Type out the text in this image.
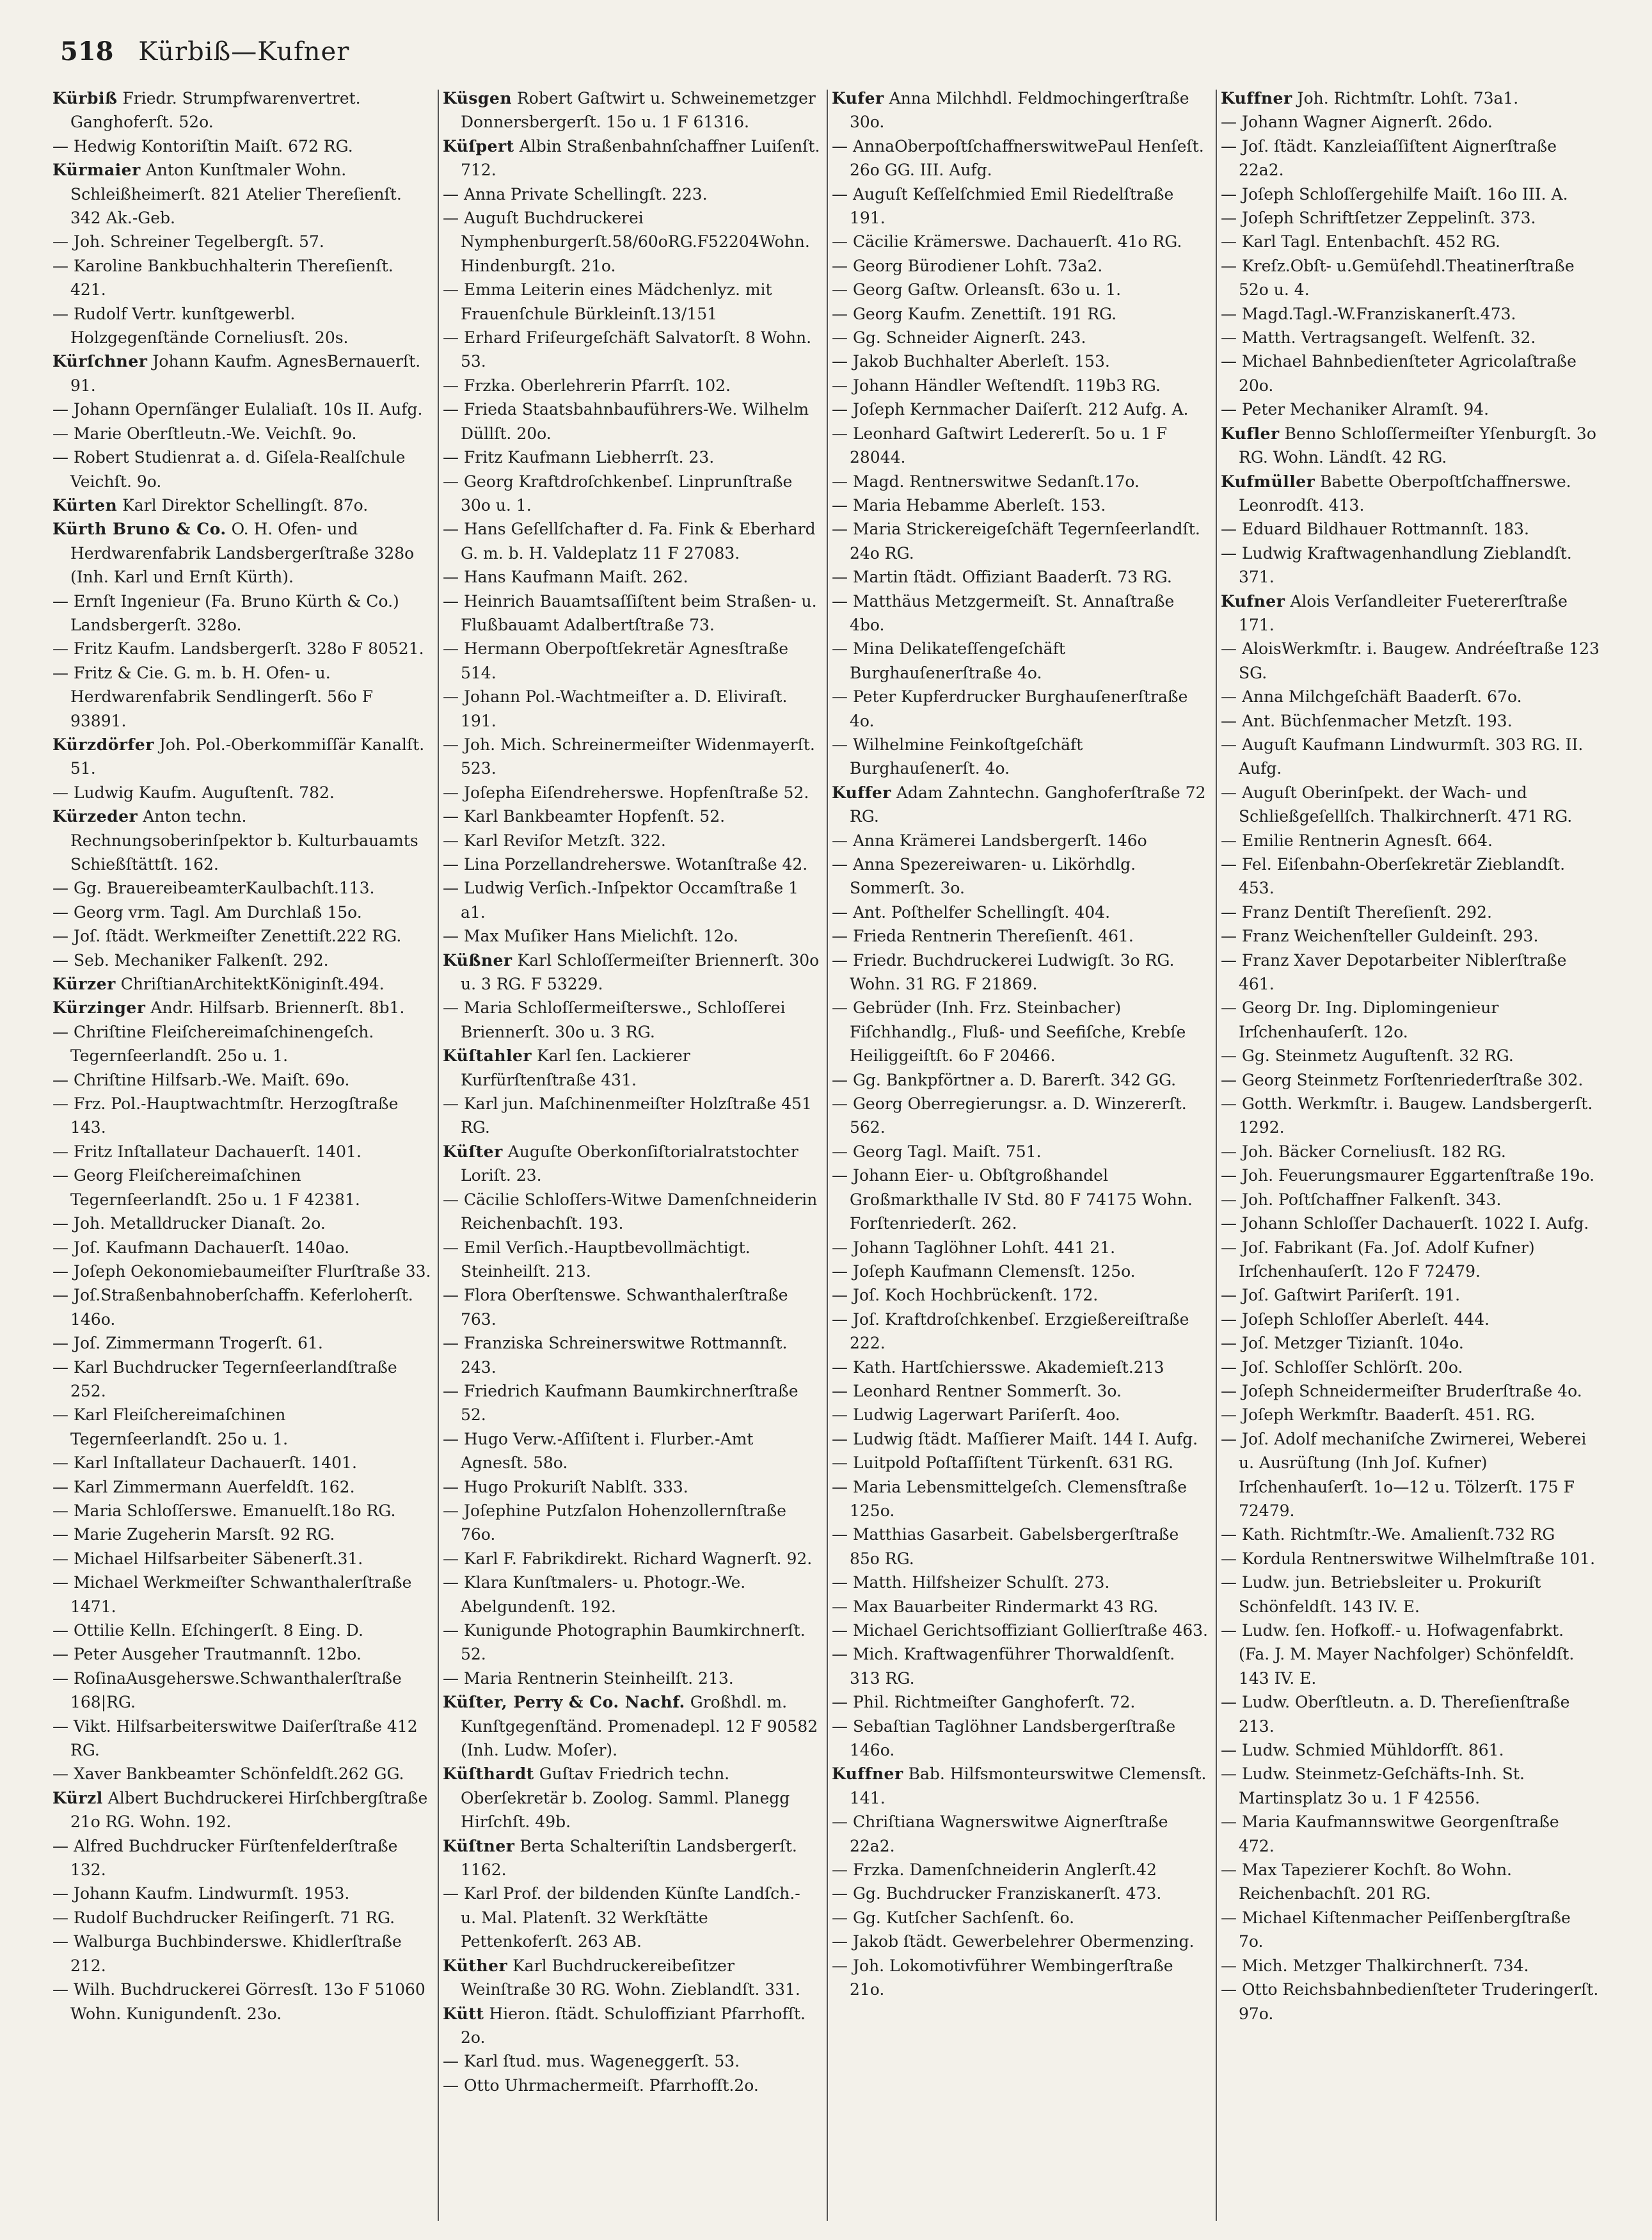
518 Kürbiß—Kufner

Kürbiß Friedr. Strumpfwarenvertret. Ganghoferſt. 52o.

— Hedwig Kontoriſtin Maiſt. 672 RG.

Kürmaier Anton Kunſtmaler Wohn. Schleißheimerſt. 821 Atelier Thereſienſt. 342 Ak.-Geb.

— Joh. Schreiner Tegelbergſt. 57.

— Karoline Bankbuchhalterin Thereſienſt. 421.

— Rudolf Vertr. kunſtgewerbl. Holzgegenſtände Corneliusſt. 20s.

Kürſchner Johann Kaufm. AgnesBernauerſt. 91.

— Johann Opernſänger Eulaliaſt. 10s II. Aufg.

— Marie Oberſtleutn.-We. Veichſt. 9o.

— Robert Studienrat a. d. Giſela-Realſchule Veichſt. 9o.

Kürten Karl Direktor Schellingſt. 87o.

Kürth Bruno & Co. O. H. Ofen- und Herdwarenfabrik Landsbergerſtraße 328o (Inh. Karl und Ernſt Kürth).

— Ernſt Ingenieur (Fa. Bruno Kürth & Co.) Landsbergerſt. 328o.

— Fritz Kaufm. Landsbergerſt. 328o F 80521.

— Fritz & Cie. G. m. b. H. Ofen- u. Herdwarenfabrik Sendlingerſt. 56o F 93891.

Kürzdörfer Joh. Pol.-Oberkommiſſär Kanalſt. 51.

— Ludwig Kaufm. Auguſtenſt. 782.

Kürzeder Anton techn. Rechnungsoberinſpektor b. Kulturbauamts Schießſtättſt. 162.

— Gg. BrauereibeamterKaulbachſt.113.

— Georg vrm. Tagl. Am Durchlaß 15o.

— Joſ. ſtädt. Werkmeiſter Zenettiſt.222 RG.

— Seb. Mechaniker Falkenſt. 292.

Kürzer ChriſtianArchitektKöniginſt.494.

Kürzinger Andr. Hilfsarb. Briennerſt. 8b1.

— Chriſtine Fleiſchereimaſchinengeſch. Tegernſeerlandſt. 25o u. 1.

— Chriſtine Hilfsarb.-We. Maiſt. 69o.

— Frz. Pol.-Hauptwachtmſtr. Herzogſtraße 143.

— Fritz Inſtallateur Dachauerſt. 1401.

— Georg Fleiſchereimaſchinen Tegernſeerlandſt. 25o u. 1 F 42381.

— Joh. Metalldrucker Dianaſt. 2o.

— Joſ. Kaufmann Dachauerſt. 140ao.

— Joſeph Oekonomiebaumeiſter Flurſtraße 33.

— Joſ.Straßenbahnoberſchaffn. Keferloherſt. 146o.

— Joſ. Zimmermann Trogerſt. 61.

— Karl Buchdrucker Tegernſeerlandſtraße 252.

— Karl Fleiſchereimaſchinen Tegernſeerlandſt. 25o u. 1.

— Karl Inſtallateur Dachauerſt. 1401.

— Karl Zimmermann Auerfeldſt. 162.

— Maria Schloſſerswe. Emanuelſt.18o RG.

— Marie Zugeherin Marsſt. 92 RG.

— Michael Hilfsarbeiter Säbenerſt.31.

— Michael Werkmeiſter Schwanthalerſtraße 1471.

— Ottilie Kelln. Eſchingerſt. 8 Eing. D.

— Peter Ausgeher Trautmannſt. 12bo.

— RoſinaAusgeherswe.Schwanthalerſtraße 168|RG.

— Vikt. Hilfsarbeiterswitwe Daiſerſtraße 412 RG.

— Xaver Bankbeamter Schönfeldſt.262 GG.

Kürzl Albert Buchdruckerei Hirſchbergſtraße 21o RG. Wohn. 192.

— Alfred Buchdrucker Fürſtenfelderſtraße 132.

— Johann Kaufm. Lindwurmſt. 1953.

— Rudolf Buchdrucker Reiſingerſt. 71 RG.

— Walburga Buchbinderswe. Khidlerſtraße 212.

— Wilh. Buchdruckerei Görresſt. 13o F 51060 Wohn. Kunigundenſt. 23o.

Küsgen Robert Gaſtwirt u. Schweinemetzger Donnersbergerſt. 15o u. 1 F 61316.

Küſpert Albin Straßenbahnſchaffner Luiſenſt. 712.

— Anna Private Schellingſt. 223.

— Auguſt Buchdruckerei Nymphenburgerſt.58/60oRG.F52204Wohn.Hindenburgſt. 21o.

— Emma Leiterin eines Mädchenlyz. mit Frauenſchule Bürkleinſt.13/151

— Erhard Friſeurgeſchäft Salvatorſt. 8 Wohn. 53.

— Frzka. Oberlehrerin Pfarrſt. 102.

— Frieda Staatsbahnbauführers-We. Wilhelm Düllſt. 20o.

— Fritz Kaufmann Liebherrſt. 23.

— Georg Kraftdroſchkenbeſ. Linprunſtraße 30o u. 1.

— Hans Geſellſchafter d. Fa. Fink & Eberhard G. m. b. H. Valdeplatz 11 F 27083.

— Hans Kaufmann Maiſt. 262.

— Heinrich Bauamtsaſſiſtent beim Straßen- u. Flußbauamt Adalbertſtraße 73.

— Hermann Oberpoſtſekretär Agnesſtraße 514.

— Johann Pol.-Wachtmeiſter a. D. Eliviraſt. 191.

— Joh. Mich. Schreinermeiſter Widenmayerſt. 523.

— Joſepha Eiſendreherswe. Hopfenſtraße 52.

— Karl Bankbeamter Hopfenſt. 52.

— Karl Reviſor Metzſt. 322.

— Lina Porzellandreherswe. Wotanſtraße 42.

— Ludwig Verſich.-Inſpektor Occamſtraße 1 a1.

— Max Muſiker Hans Mielichſt. 12o.

Küßner Karl Schloſſermeiſter Briennerſt. 30o u. 3 RG. F 53229.

— Maria Schloſſermeiſterswe., Schloſſerei Briennerſt. 30o u. 3 RG.

Küſtahler Karl ſen. Lackierer Kurfürſtenſtraße 431.

— Karl jun. Maſchinenmeiſter Holzſtraße 451 RG.

Küſter Auguſte Oberkonſiſtorialratstochter Loriſt. 23.

— Cäcilie Schloſſers-Witwe Damenſchneiderin Reichenbachſt. 193.

— Emil Verſich.-Hauptbevollmächtigt. Steinheilſt. 213.

— Flora Oberſtenswe. Schwanthalerſtraße 763.

— Franziska Schreinerswitwe Rottmannſt. 243.

— Friedrich Kaufmann Baumkirchnerſtraße 52.

— Hugo Verw.-Aſſiſtent i. Flurber.-Amt Agnesſt. 58o.

— Hugo Prokuriſt Nablſt. 333.

— Joſephine Putzſalon Hohenzollernſtraße 76o.

— Karl F. Fabrikdirekt. Richard Wagnerſt. 92.

— Klara Kunſtmalers- u. Photogr.-We. Abelgundenſt. 192.

— Kunigunde Photographin Baumkirchnerſt. 52.

— Maria Rentnerin Steinheilſt. 213.

Küſter, Perry & Co. Nachf. Großhdl. m. Kunſtgegenſtänd. Promenadepl. 12 F 90582 (Inh. Ludw. Moſer).

Küſthardt Guſtav Friedrich techn. Oberſekretär b. Zoolog. Samml. Planegg Hirſchſt. 49b.

Küſtner Berta Schalteriſtin Landsbergerſt. 1162.

— Karl Prof. der bildenden Künſte Landſch.- u. Mal. Platenſt. 32 Werkſtätte Pettenkoferſt. 263 AB.

Küther Karl Buchdruckereibeſitzer Weinſtraße 30 RG. Wohn. Zieblandſt. 331.

Kütt Hieron. ſtädt. Schuloffiziant Pfarrhofſt. 2o.

— Karl ſtud. mus. Wageneggerſt. 53.

— Otto Uhrmachermeiſt. Pfarrhofſt.2o.

Kufer Anna Milchhdl. Feldmochingerſtraße 30o.

— AnnaOberpoſtſchaffnerswitwePaul Henſeſt. 26o GG. III. Aufg.

— Auguſt Keſſelſchmied Emil Riedelſtraße 191.

— Cäcilie Krämerswe. Dachauerſt. 41o RG.

— Georg Bürodiener Lohſt. 73a2.

— Georg Gaſtw. Orleansſt. 63o u. 1.

— Georg Kaufm. Zenettiſt. 191 RG.

— Gg. Schneider Aignerſt. 243.

— Jakob Buchhalter Aberleſt. 153.

— Johann Händler Weſtendſt. 119b3 RG.

— Joſeph Kernmacher Daiſerſt. 212 Aufg. A.

— Leonhard Gaſtwirt Ledererſt. 5o u. 1 F 28044.

— Magd. Rentnerswitwe Sedanſt.17o.

— Maria Hebamme Aberleſt. 153.

— Maria Strickereigeſchäft Tegernſeerlandſt. 24o RG.

— Martin ſtädt. Offiziant Baaderſt. 73 RG.

— Matthäus Metzgermeiſt. St. Annaſtraße 4bo.

— Mina Delikateſſengeſchäft Burghauſenerſtraße 4o.

— Peter Kupferdrucker Burghauſenerſtraße 4o.

— Wilhelmine Feinkoſtgeſchäft Burghauſenerſt. 4o.

Kuffer Adam Zahntechn. Ganghoferſtraße 72 RG.

— Anna Krämerei Landsbergerſt. 146o

— Anna Spezereiwaren- u. Likörhdlg. Sommerſt. 3o.

— Ant. Poſthelfer Schellingſt. 404.

— Frieda Rentnerin Thereſienſt. 461.

— Friedr. Buchdruckerei Ludwigſt. 3o RG. Wohn. 31 RG. F 21869.

— Gebrüder (Inh. Frz. Steinbacher) Fiſchhandlg., Fluß- und Seefiſche, Krebſe Heiliggeiſtſt. 6o F 20466.

— Gg. Bankpförtner a. D. Barerſt. 342 GG.

— Georg Oberregierungsr. a. D. Winzererſt. 562.

— Georg Tagl. Maiſt. 751.

— Johann Eier- u. Obſtgroßhandel Großmarkthalle IV Std. 80 F 74175 Wohn. Forſtenriederſt. 262.

— Johann Taglöhner Lohſt. 441 21.

— Joſeph Kaufmann Clemensſt. 125o.

— Joſ. Koch Hochbrückenſt. 172.

— Joſ. Kraftdroſchkenbeſ. Erzgießereiſtraße 222.

— Kath. Hartſchiersswe. Akademieſt.213

— Leonhard Rentner Sommerſt. 3o.

— Ludwig Lagerwart Pariſerſt. 4oo.

— Ludwig ſtädt. Maſſierer Maiſt. 144 I. Aufg.

— Luitpold Poſtaſſiſtent Türkenſt. 631 RG.

— Maria Lebensmittelgeſch. Clemensſtraße 125o.

— Matthias Gasarbeit. Gabelsbergerſtraße 85o RG.

— Matth. Hilfsheizer Schulſt. 273.

— Max Bauarbeiter Rindermarkt 43 RG.

— Michael Gerichtsoffiziant Gollierſtraße 463.

— Mich. Kraftwagenführer Thorwaldſenſt. 313 RG.

— Phil. Richtmeiſter Ganghoferſt. 72.

— Sebaſtian Taglöhner Landsbergerſtraße 146o.

Kuffner Bab. Hilfsmonteurswitwe Clemensſt. 141.

— Chriſtiana Wagnerswitwe Aignerſtraße 22a2.

— Frzka. Damenſchneiderin Anglerſt.42

— Gg. Buchdrucker Franziskanerſt. 473.

— Gg. Kutſcher Sachſenſt. 6o.

— Jakob ſtädt. Gewerbelehrer Obermenzing.

— Joh. Lokomotivführer Wembingerſtraße 21o.

Kuffner Joh. Richtmſtr. Lohſt. 73a1.

— Johann Wagner Aignerſt. 26do.

— Joſ. ſtädt. Kanzleiaſſiſtent Aignerſtraße 22a2.

— Joſeph Schloſſergehilfe Maiſt. 16o III. A.

— Joſeph Schriftſetzer Zeppelinſt. 373.

— Karl Tagl. Entenbachſt. 452 RG.

— Kreſz.Obſt- u.Gemüſehdl.Theatinerſtraße 52o u. 4.

— Magd.Tagl.-W.Franziskanerſt.473.

— Matth. Vertragsangeſt. Welfenſt. 32.

— Michael Bahnbedienſteter Agricolaſtraße 20o.

— Peter Mechaniker Alramſt. 94.

Kufler Benno Schloſſermeiſter Yſenburgſt. 3o RG. Wohn. Ländſt. 42 RG.

Kufmüller Babette Oberpoſtſchaffnerswe. Leonrodſt. 413.

— Eduard Bildhauer Rottmannſt. 183.

— Ludwig Kraftwagenhandlung Zieblandſt. 371.

Kufner Alois Verſandleiter Fuetererſtraße 171.

— AloisWerkmſtr. i. Baugew. Andréeſtraße 123 SG.

— Anna Milchgeſchäft Baaderſt. 67o.

— Ant. Büchſenmacher Metzſt. 193.

— Auguſt Kaufmann Lindwurmſt. 303 RG. II. Aufg.

— Auguſt Oberinſpekt. der Wach- und Schließgeſellſch. Thalkirchnerſt. 471 RG.

— Emilie Rentnerin Agnesſt. 664.

— Fel. Eiſenbahn-Oberſekretär Zieblandſt. 453.

— Franz Dentiſt Thereſienſt. 292.

— Franz Weichenſteller Guldeinſt. 293.

— Franz Xaver Depotarbeiter Niblerſtraße 461.

— Georg Dr. Ing. Diplomingenieur Irſchenhauſerſt. 12o.

— Gg. Steinmetz Auguſtenſt. 32 RG.

— Georg Steinmetz Forſtenriederſtraße 302.

— Gotth. Werkmſtr. i. Baugew. Landsbergerſt. 1292.

— Joh. Bäcker Corneliusſt. 182 RG.

— Joh. Feuerungsmaurer Eggartenſtraße 19o.

— Joh. Poſtſchaffner Falkenſt. 343.

— Johann Schloſſer Dachauerſt. 1022 I. Aufg.

— Joſ. Fabrikant (Fa. Joſ. Adolf Kufner) Irſchenhauſerſt. 12o F 72479.

— Joſ. Gaſtwirt Pariſerſt. 191.

— Joſeph Schloſſer Aberleſt. 444.

— Joſ. Metzger Tizianſt. 104o.

— Joſ. Schloſſer Schlörſt. 20o.

— Joſeph Schneidermeiſter Bruderſtraße 4o.

— Joſeph Werkmſtr. Baaderſt. 451. RG.

— Joſ. Adolf mechaniſche Zwirnerei, Weberei u. Ausrüſtung (Inh Joſ. Kufner) Irſchenhauſerſt. 1o—12 u. Tölzerſt. 175 F 72479.

— Kath. Richtmſtr.-We. Amalienſt.732 RG

— Kordula Rentnerswitwe Wilhelmſtraße 101.

— Ludw. jun. Betriebsleiter u. Prokuriſt Schönfeldſt. 143 IV. E.

— Ludw. ſen. Hofkoff.- u. Hofwagenfabrkt. (Fa. J. M. Mayer Nachfolger) Schönfeldſt. 143 IV. E.

— Ludw. Oberſtleutn. a. D. Thereſienſtraße 213.

— Ludw. Schmied Mühldorfſt. 861.

— Ludw. Steinmetz-Geſchäfts-Inh. St. Martinsplatz 3o u. 1 F 42556.

— Maria Kaufmannswitwe Georgenſtraße 472.

— Max Tapezierer Kochſt. 8o Wohn. Reichenbachſt. 201 RG.

— Michael Kiſtenmacher Peiſſenbergſtraße 7o.

— Mich. Metzger Thalkirchnerſt. 734.

— Otto Reichsbahnbedienſteter Truderingerſt. 97o.
